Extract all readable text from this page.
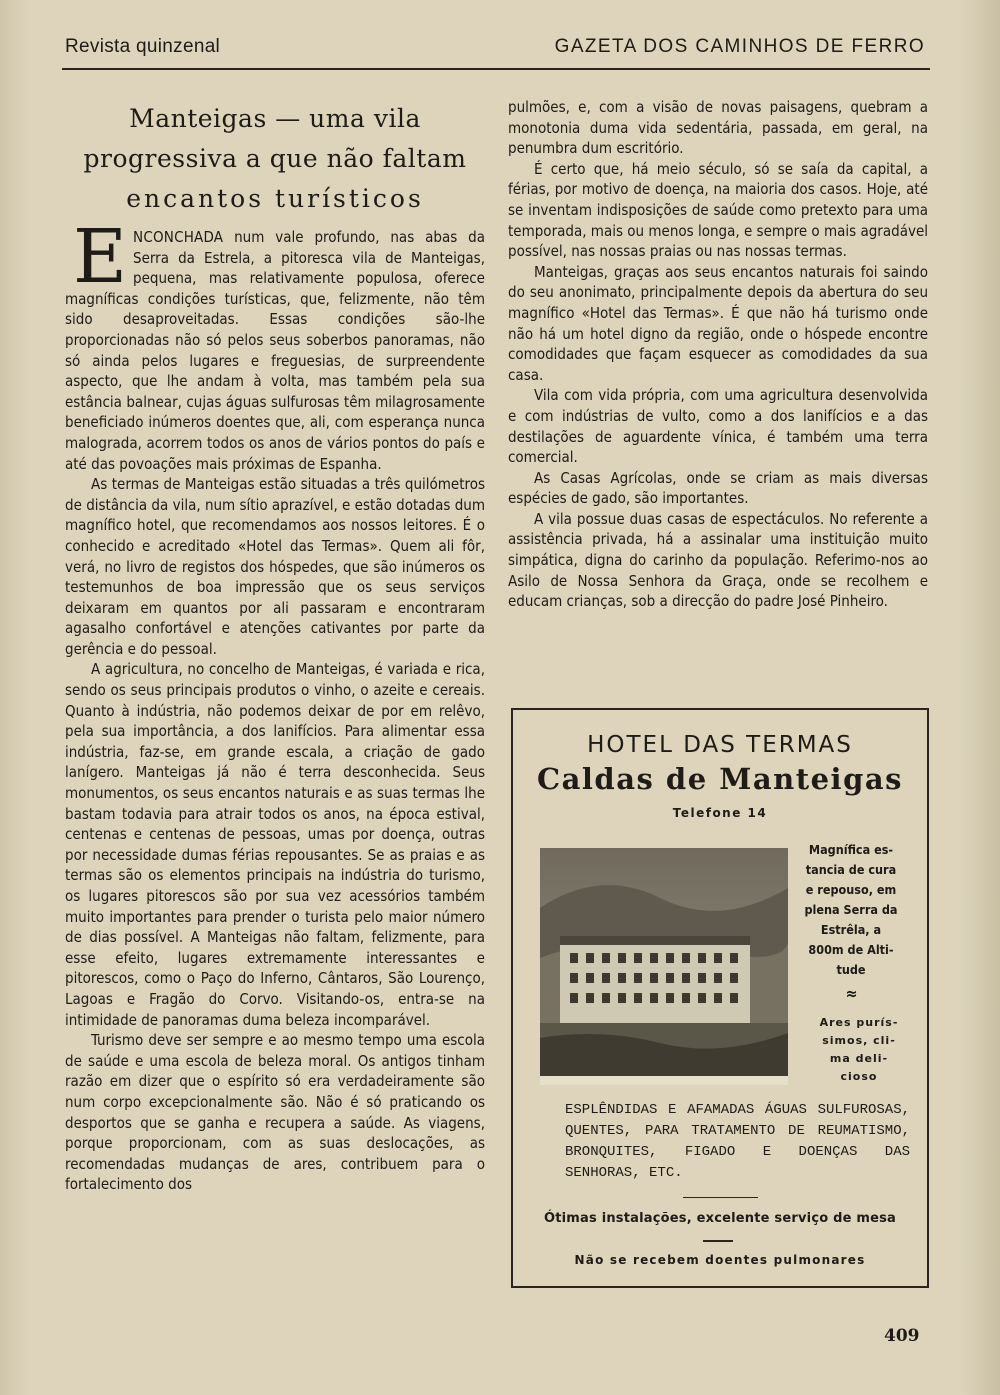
Revista quinzenal	GAZETA DOS CAMINHOS DE FERRO
Manteigas — uma vila
progressiva a que não faltam
encantos turísticos

ENCONCHADA num vale profundo, nas abas da Serra da Estrela, a pitoresca vila de Manteigas, pequena, mas relativamente populosa, oferece magníficas condições turísticas, que, felizmente, não têm sido desaproveitadas. Essas condições são-lhe proporcionadas não só pelos seus soberbos panoramas, não só ainda pelos lugares e freguesias, de surpreendente aspecto, que lhe andam à volta, mas também pela sua estância balnear, cujas águas sulfurosas têm milagrosamente beneficiado inúmeros doentes que, ali, com esperança nunca malograda, acorrem todos os anos de vários pontos do país e até das povoações mais próximas de Espanha.

As termas de Manteigas estão situadas a três quilómetros de distância da vila, num sítio aprazível, e estão dotadas dum magnífico hotel, que recomendamos aos nossos leitores. É o conhecido e acreditado «Hotel das Termas». Quem ali fôr, verá, no livro de registos dos hóspedes, que são inúmeros os testemunhos de boa impressão que os seus serviços deixaram em quantos por ali passaram e encontraram agasalho confortável e atenções cativantes por parte da gerência e do pessoal.

A agricultura, no concelho de Manteigas, é variada e rica, sendo os seus principais produtos o vinho, o azeite e cereais. Quanto à indústria, não podemos deixar de por em relêvo, pela sua importância, a dos lanifícios. Para alimentar essa indústria, faz-se, em grande escala, a criação de gado lanígero. Manteigas já não é terra desconhecida. Seus monumentos, os seus encantos naturais e as suas termas lhe bastam todavia para atrair todos os anos, na época estival, centenas e centenas de pessoas, umas por doença, outras por necessidade dumas férias repousantes. Se as praias e as termas são os elementos principais na indústria do turismo, os lugares pitorescos são por sua vez acessórios também muito importantes para prender o turista pelo maior número de dias possível. A Manteigas não faltam, felizmente, para esse efeito, lugares extremamente interessantes e pitorescos, como o Paço do Inferno, Cântaros, São Lourenço, Lagoas e Fragão do Corvo. Visitando-os, entra-se na intimidade de panoramas duma beleza incomparável.

Turismo deve ser sempre e ao mesmo tempo uma escola de saúde e uma escola de beleza moral. Os antigos tinham razão em dizer que o espírito só era verdadeiramente são num corpo excepcionalmente são. Não é só praticando os desportos que se ganha e recupera a saúde. As viagens, porque proporcionam, com as suas deslocações, as recomendadas mudanças de ares, contribuem para o fortalecimento dos

pulmões, e, com a visão de novas paisagens, quebram a monotonia duma vida sedentária, passada, em geral, na penumbra dum escritório.

É certo que, há meio século, só se saía da capital, a férias, por motivo de doença, na maioria dos casos. Hoje, até se inventam indisposições de saúde como pretexto para uma temporada, mais ou menos longa, e sempre o mais agradável possível, nas nossas praias ou nas nossas termas.

Manteigas, graças aos seus encantos naturais foi saindo do seu anonimato, principalmente depois da abertura do seu magnífico «Hotel das Termas». É que não há turismo onde não há um hotel digno da região, onde o hóspede encontre comodidades que façam esquecer as comodidades da sua casa.

Vila com vida própria, com uma agricultura desenvolvida e com indústrias de vulto, como a dos lanifícios e a das destilações de aguardente vínica, é também uma terra comercial.

As Casas Agrícolas, onde se criam as mais diversas espécies de gado, são importantes.

A vila possue duas casas de espectáculos. No referente a assistência privada, há a assinalar uma instituição muito simpática, digna do carinho da população. Referimo-nos ao Asilo de Nossa Senhora da Graça, onde se recolhem e educam crianças, sob a direcção do padre José Pinheiro.

HOTEL DAS TERMAS
Caldas de Manteigas
Telefone 14
Magnífica es-
tancia de cura
e repouso, em
plena Serra da
Estrêla, a
800m de Alti-
tude
≈
Ares purís-
simos, cli-
ma deli-
cioso

ESPLÊNDIDAS E AFAMADAS ÁGUAS SULFUROSAS, QUENTES, PARA TRATAMENTO DE REUMATISMO, BRONQUITES, FIGADO E DOENÇAS DAS SENHORAS, ETC.

Ótimas instalações, excelente serviço de mesa
Não se recebem doentes pulmonares
409
